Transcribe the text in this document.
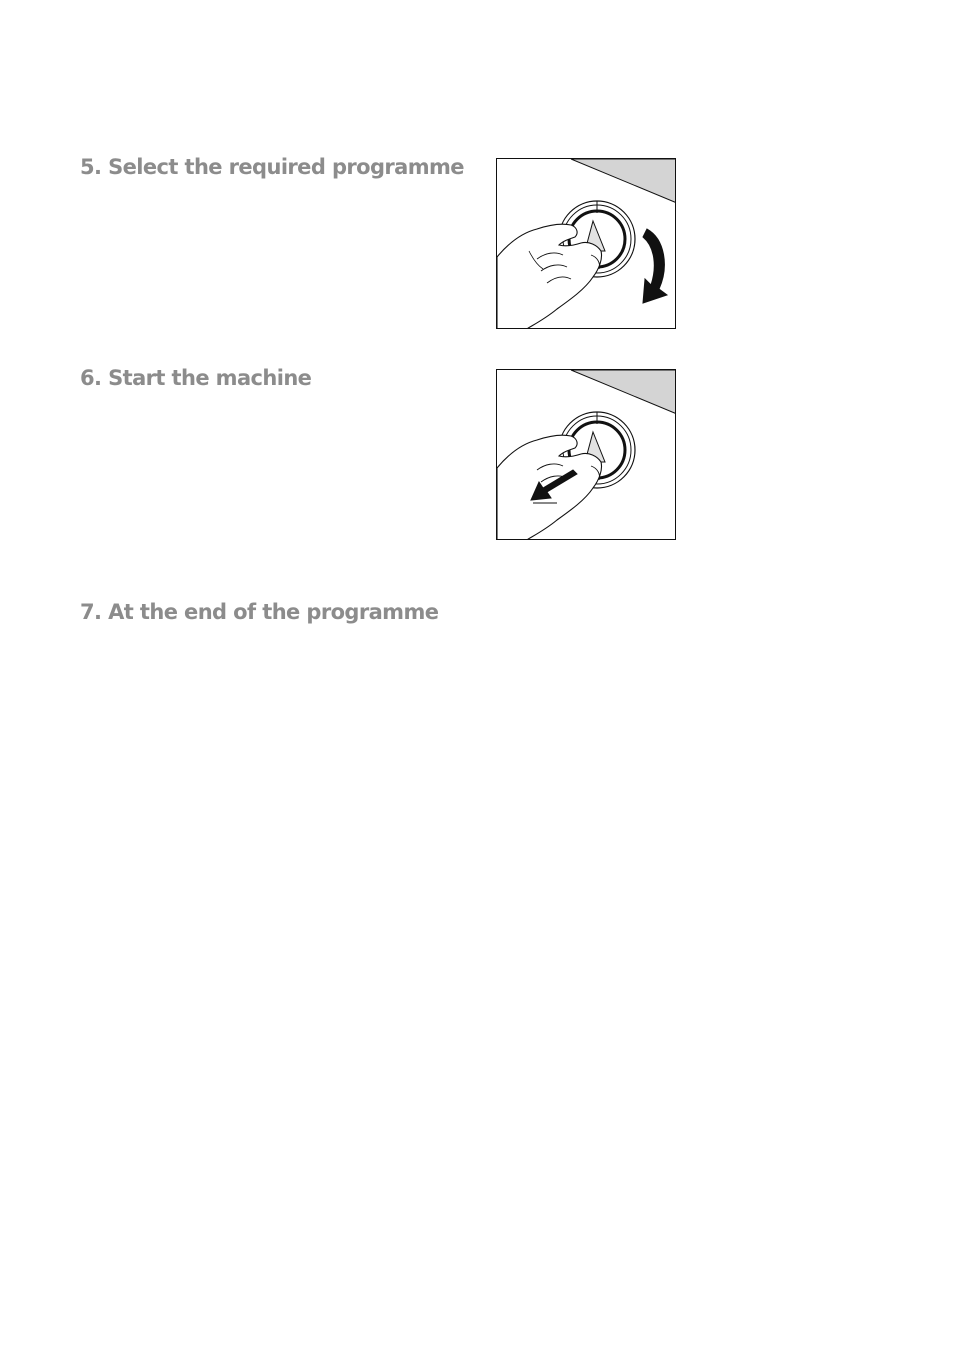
5. Select the required programme
6. Start the machine
7. At the end of the programme
